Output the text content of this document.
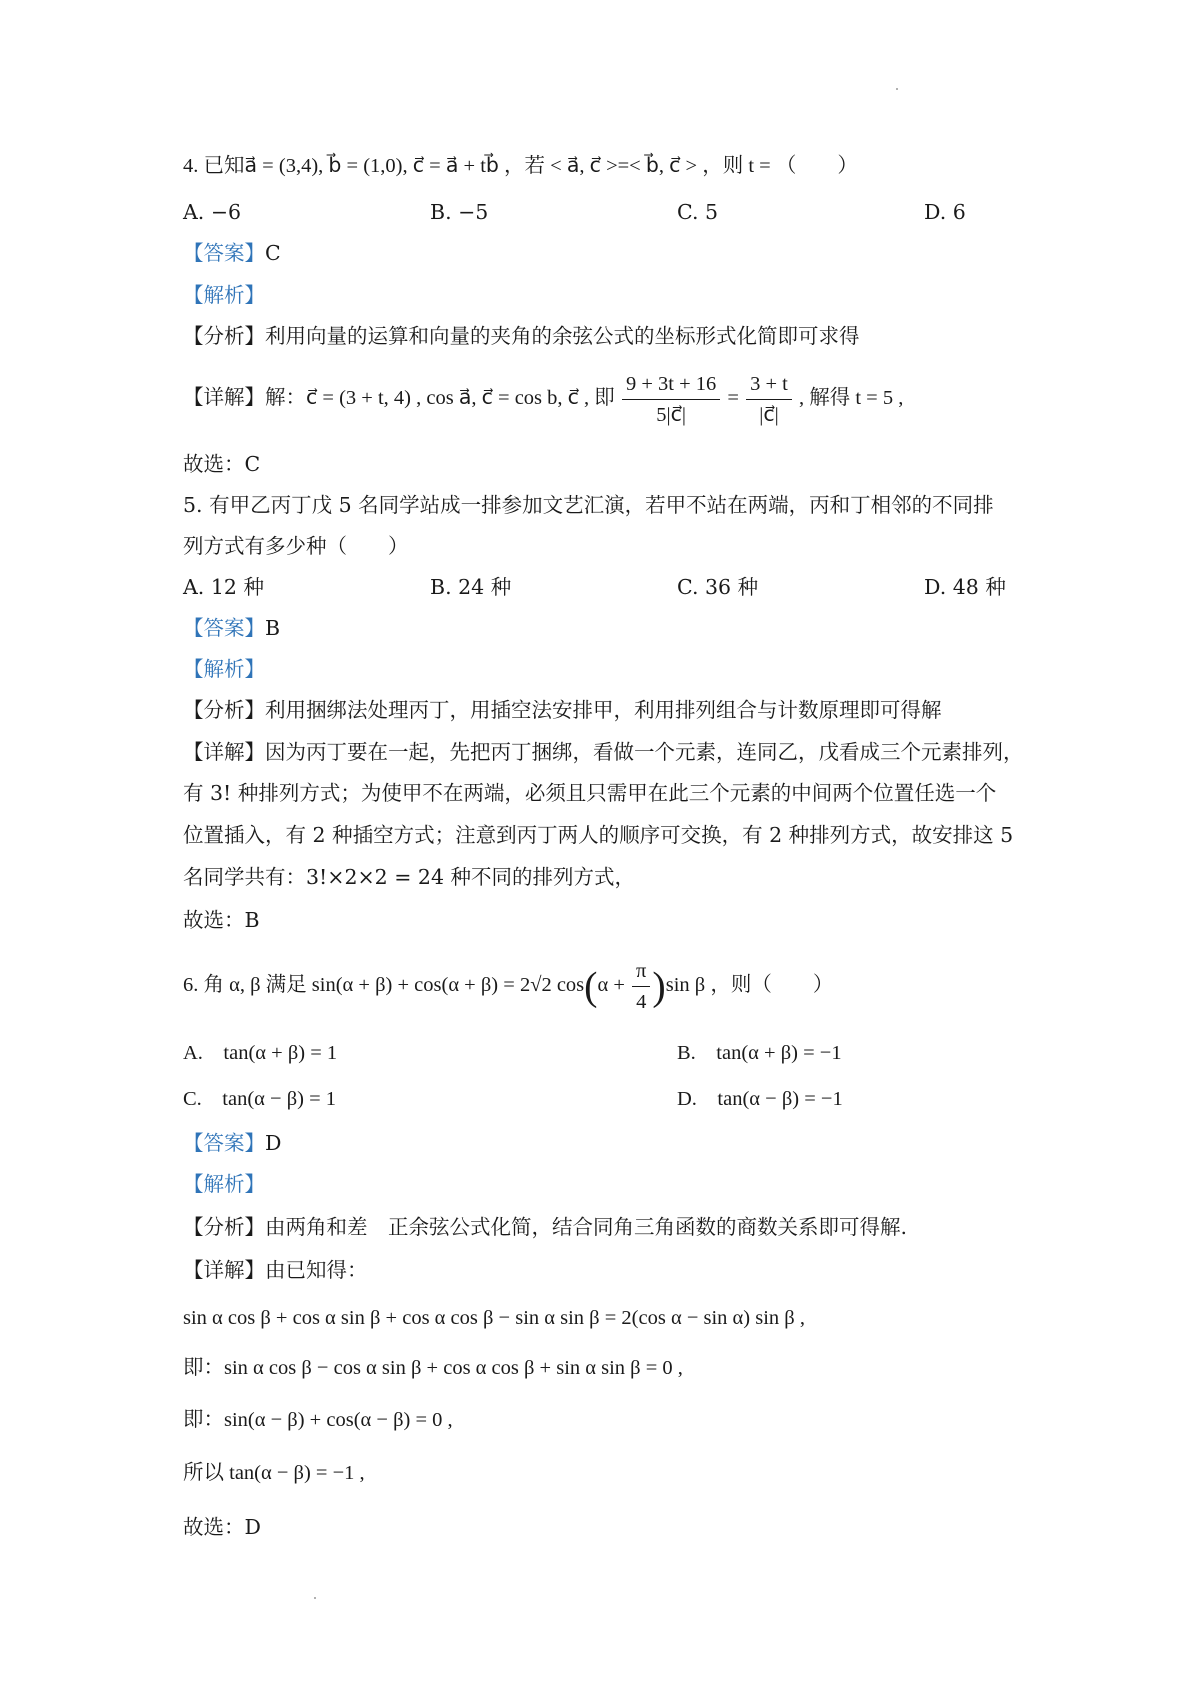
4. 已知a⃗ = (3,4), b⃗ = (1,0), c⃗ = a⃗ + tb⃗ ，若 < a⃗, c⃗ >=< b⃗, c⃗ > ，则 t = （　　）
A. −6	B. −5	C. 5	D. 6
【答案】C
【解析】
【分析】利用向量的运算和向量的夹角的余弦公式的坐标形式化简即可求得
【详解】解：c⃗ = (3 + t, 4) , cos a⃗, c⃗ = cos b, c⃗ , 即 $\frac{9 + 3t + 16}{5|c⃗|} = \frac{3 + t}{|c⃗|}$ , 解得 t = 5 ,
故选：C
5. 有甲乙丙丁戊 5 名同学站成一排参加文艺汇演，若甲不站在两端，丙和丁相邻的不同排
列方式有多少种（　　）
A. 12 种	B. 24 种	C. 36 种	D. 48 种
【答案】B
【解析】
【分析】利用捆绑法处理丙丁，用插空法安排甲，利用排列组合与计数原理即可得解
【详解】因为丙丁要在一起，先把丙丁捆绑，看做一个元素，连同乙，戊看成三个元素排列，
有 3! 种排列方式；为使甲不在两端，必须且只需甲在此三个元素的中间两个位置任选一个
位置插入，有 2 种插空方式；注意到丙丁两人的顺序可交换，有 2 种排列方式，故安排这 5
名同学共有：3!×2×2 = 24 种不同的排列方式，
故选：B
6. 角 α, β 满足 sin(α + β) + cos(α + β) = 2√2 $\cos(\alpha + \frac{\pi}{4} )\sin$ β ，则（　　）
A.　tan(α + β) = 1	B.　tan(α + β) = −1
C.　tan(α − β) = 1	D.　tan(α − β) = −1
【答案】D
【解析】
【分析】由两角和差　正余弦公式化简，结合同角三角函数的商数关系即可得解.
【详解】由已知得：
sin α cos β + cos α sin β + cos α cos β − sin α sin β = 2(cos α − sin α) sin β ,
即：sin α cos β − cos α sin β + cos α cos β + sin α sin β = 0 ,
即：sin(α − β) + cos(α − β) = 0 ,
所以 tan(α − β) = −1 ,
故选：D
